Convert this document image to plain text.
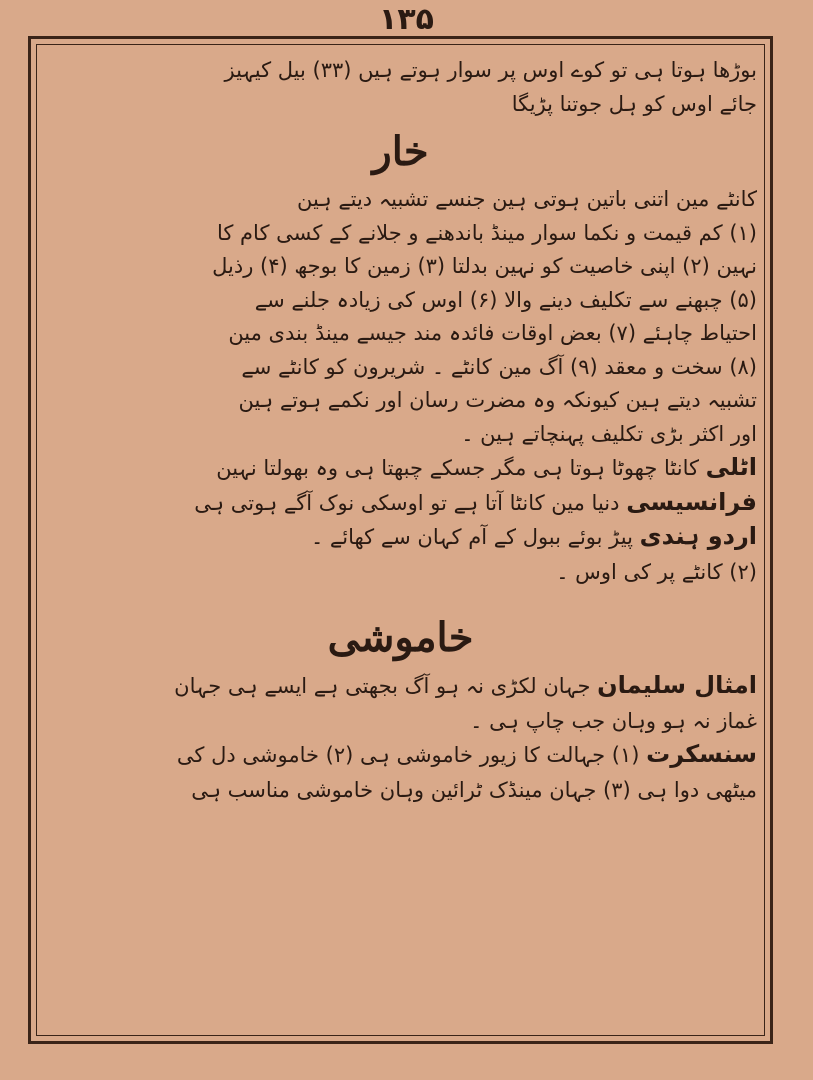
۱۳۵
بوڑھا ہوتا ہی تو کوے اوس پر سوار ہوتے ہیں (۳۳) بیل کیہیز
جائے اوس کو ہل جوتنا پڑیگا
خار
کانٹے مین اتنی باتین ہوتی ہین جنسے تشبیہ دیتے ہین
(۱) کم قیمت و نکما سوار مینڈ باندھنے و جلانے کے کسی کام کا
نہین (۲) اپنی خاصیت کو نہین بدلتا (۳) زمین کا بوجھ (۴) رذیل
(۵) چبھنے سے تکلیف دینے والا (۶) اوس کی زیادہ جلنے سے
احتیاط چاہئے (۷) بعض اوقات فائدہ مند جیسے مینڈ بندی مین
(۸) سخت و معقد (۹) آگ مین کانٹے ۔ شریرون کو کانٹے سے
تشبیہ دیتے ہین کیونکہ وہ مضرت رسان اور نکمے ہوتے ہین
اور اکثر بڑی تکلیف پہنچاتے ہین ۔
اٹلی کانٹا چھوٹا ہوتا ہی مگر جسکے چبھتا ہی وہ بھولتا نہین
فرانسیسی دنیا مین کانٹا آتا ہے تو اوسکی نوک آگے ہوتی ہی
اردو ہندی پیڑ بوئے ببول کے آم کہان سے کھائے ۔
(۲) کانٹے پر کی اوس ۔
خاموشی
امثال سلیمان جہان لکڑی نہ ہو آگ بجھتی ہے ایسے ہی جہان
غماز نہ ہو وہان جب چاپ ہی ۔
سنسکرت (۱) جہالت کا زیور خاموشی ہی (۲) خاموشی دل کی
میٹھی دوا ہی (۳) جہان مینڈک ٹرائین وہان خاموشی مناسب ہی
